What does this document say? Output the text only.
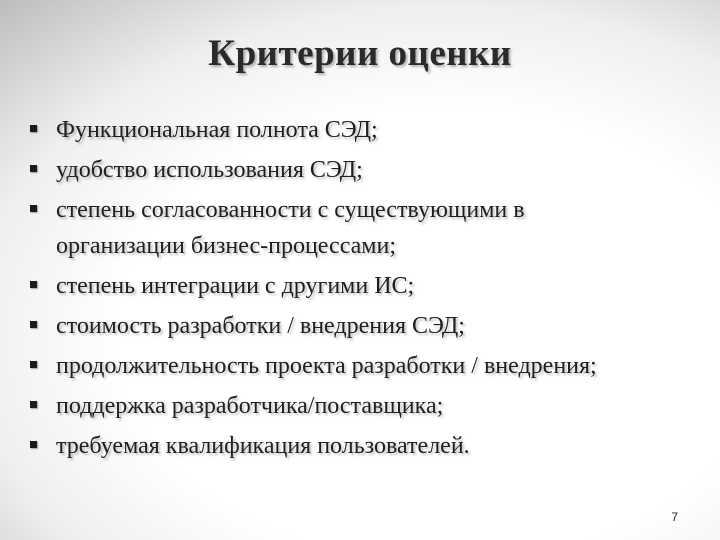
Критерии оценки
Функциональная полнота СЭД;
удобство использования СЭД;
степень согласованности с существующими в организации бизнес-процессами;
степень интеграции с другими ИС;
стоимость разработки / внедрения СЭД;
продолжительность проекта разработки / внедрения;
поддержка разработчика/поставщика;
требуемая квалификация пользователей.
7
